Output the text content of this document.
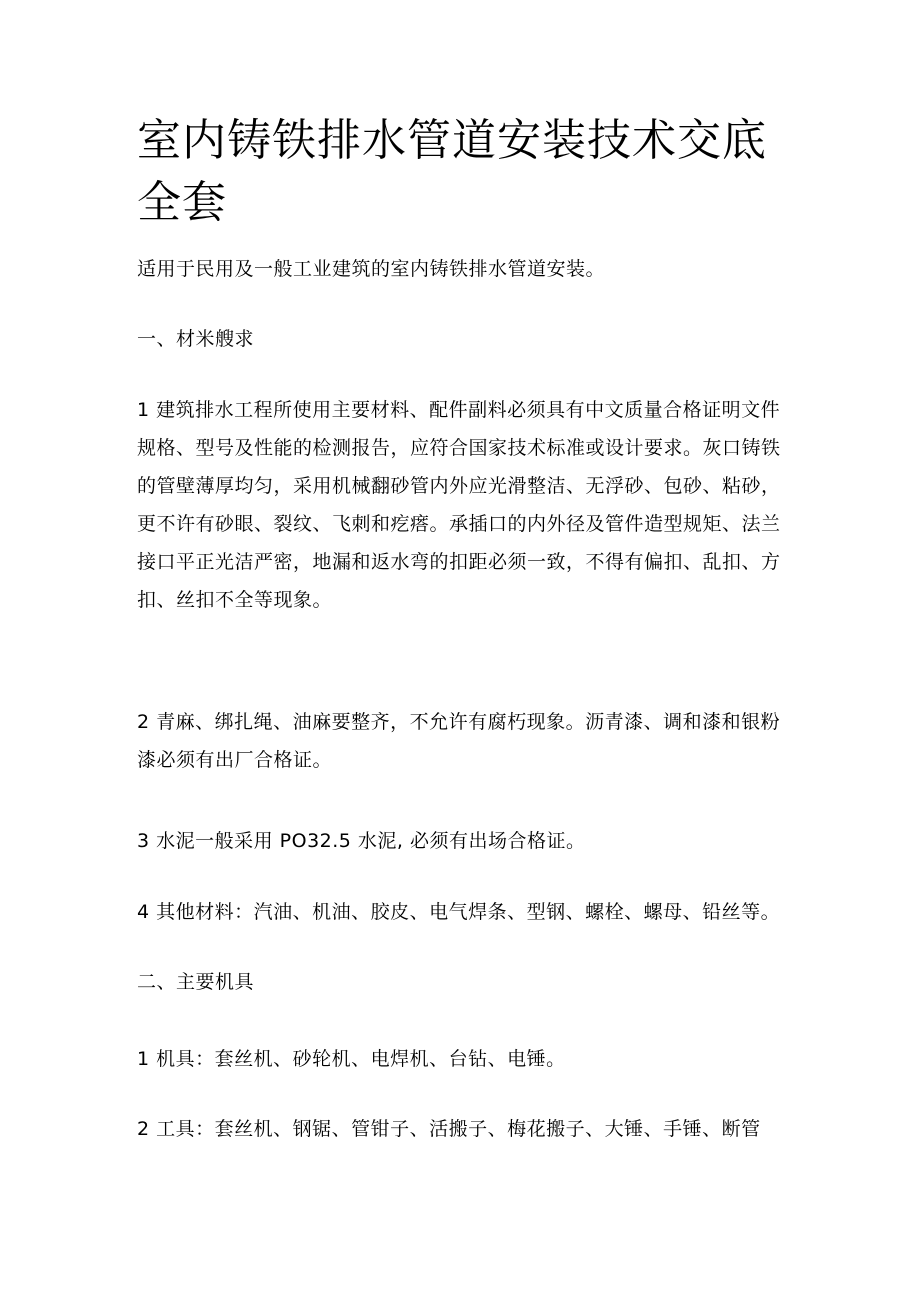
室内铸铁排水管道安装技术交底全套

适用于民用及一般工业建筑的室内铸铁排水管道安装。

一、材米艘求

1 建筑排水工程所使用主要材料、配件副料必须具有中文质量合格证明文件规格、型号及性能的检测报告，应符合国家技术标准或设计要求。灰口铸铁的管壁薄厚均匀，采用机械翻砂管内外应光滑整洁、无浮砂、包砂、粘砂，更不许有砂眼、裂纹、飞刺和疙瘩。承插口的内外径及管件造型规矩、法兰接口平正光洁严密，地漏和返水弯的扣距必须一致，不得有偏扣、乱扣、方扣、丝扣不全等现象。

2 青麻、绑扎绳、油麻要整齐，不允许有腐朽现象。沥青漆、调和漆和银粉漆必须有出厂合格证。

3 水泥一般采用 PO32.5 水泥, 必须有出场合格证。

4 其他材料：汽油、机油、胶皮、电气焊条、型钢、螺栓、螺母、铅丝等。

二、主要机具

1 机具：套丝机、砂轮机、电焊机、台钻、电锤。

2 工具：套丝机、钢锯、管钳子、活搬子、梅花搬子、大锤、手锤、断管
